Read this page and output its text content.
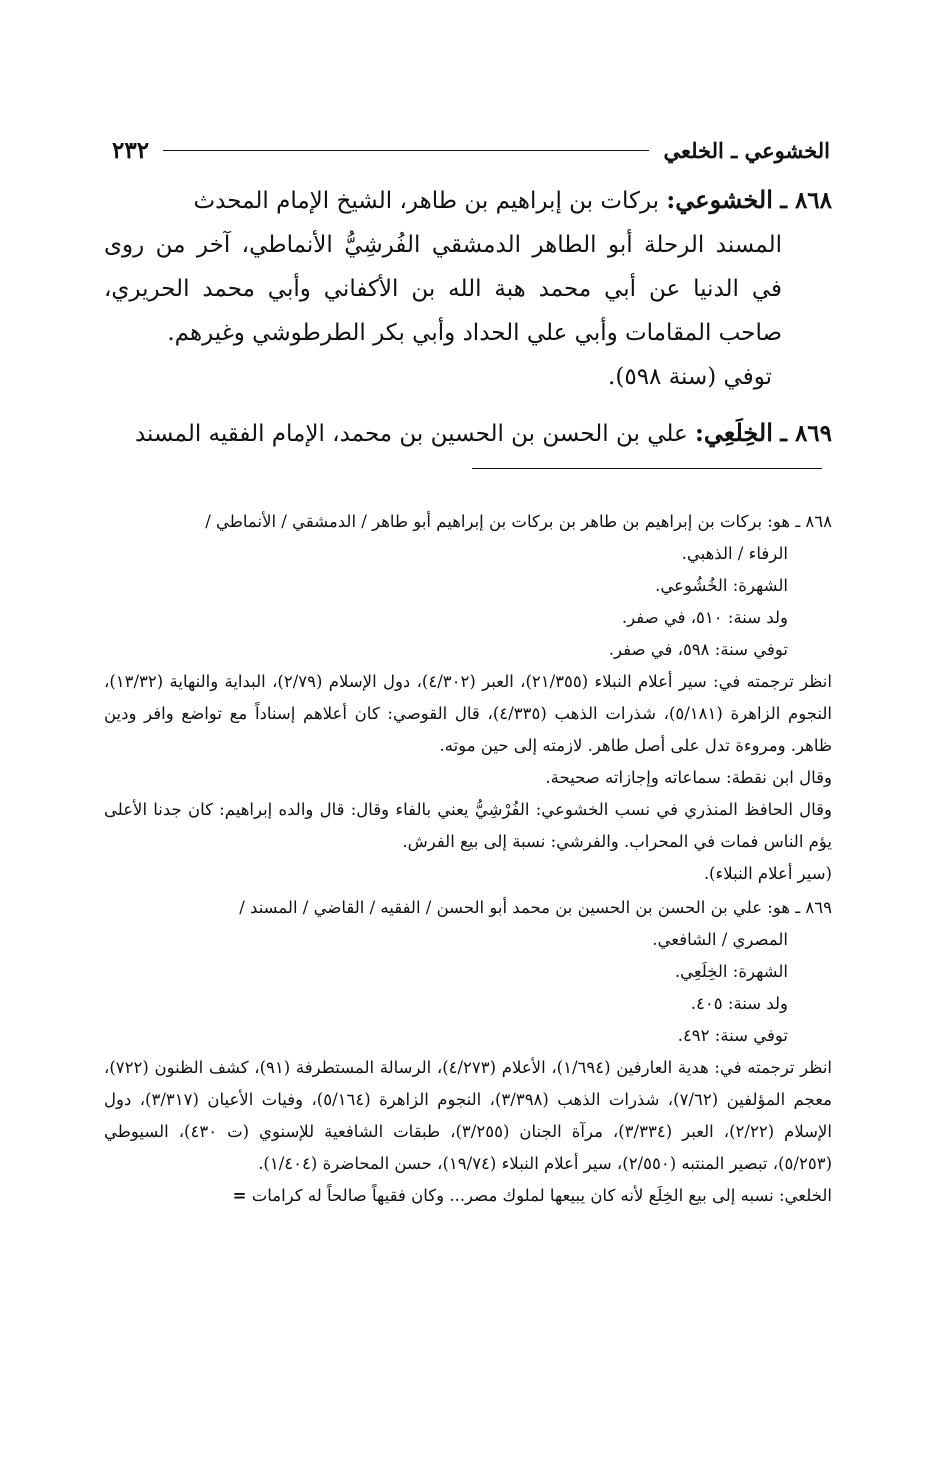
الخشوعي ـ الخلعي
٢٣٢

٨٦٨ ـ الخشوعي: بركات بن إبراهيم بن طاهر، الشيخ الإمام المحدث
المسند الرحلة أبو الطاهر الدمشقي الفُرشِيُّ الأنماطي، آخر من روى في الدنيا عن أبي محمد هبة الله بن الأكفاني وأبي محمد الحريري، صاحب المقامات وأبي علي الحداد وأبي بكر الطرطوشي وغيرهم.
توفي (سنة ٥٩٨).

٨٦٩ ـ الخِلَعِي: علي بن الحسن بن الحسين بن محمد، الإمام الفقيه المسند

٨٦٨ ـ هو: بركات بن إبراهيم بن طاهر بن بركات بن إبراهيم أبو طاهر / الدمشقي / الأنماطي /
الرفاء / الذهبي.
الشهرة: الخُشُوعي.
ولد سنة: ٥١٠، في صفر.
توفي سنة: ٥٩٨، في صفر.
انظر ترجمته في: سير أعلام النبلاء (٢١/٣٥٥)، العبر (٤/٣٠٢)، دول الإسلام (٢/٧٩)، البداية والنهاية (١٣/٣٢)، النجوم الزاهرة (٥/١٨١)، شذرات الذهب (٤/٣٣٥)، قال القوصي: كان أعلاهم إسناداً مع تواضع وافر ودين ظاهر. ومروءة تدل على أصل طاهر. لازمته إلى حين موته.
وقال ابن نقطة: سماعاته وإجازاته صحيحة.
وقال الحافظ المنذري في نسب الخشوعي: الفُرْشِيُّ يعني بالفاء وقال: قال والده إبراهيم: كان جدنا الأعلى يؤم الناس فمات في المحراب. والفرشي: نسبة إلى بيع الفرش.
(سير أعلام النبلاء).
٨٦٩ ـ هو: علي بن الحسن بن الحسين بن محمد أبو الحسن / الفقيه / القاضي / المسند /
المصري / الشافعي.
الشهرة: الخِلَعِي.
ولد سنة: ٤٠٥.
توفي سنة: ٤٩٢.
انظر ترجمته في: هدية العارفين (١/٦٩٤)، الأعلام (٤/٢٧٣)، الرسالة المستطرفة (٩١)، كشف الظنون (٧٢٢)، معجم المؤلفين (٧/٦٢)، شذرات الذهب (٣/٣٩٨)، النجوم الزاهرة (٥/١٦٤)، وفيات الأعيان (٣/٣١٧)، دول الإسلام (٢/٢٢)، العبر (٣/٣٣٤)، مرآة الجنان (٣/٢٥٥)، طبقات الشافعية للإسنوي (ت ٤٣٠)، السيوطي (٥/٢٥٣)، تبصير المنتبه (٢/٥٥٠)، سير أعلام النبلاء (١٩/٧٤)، حسن المحاضرة (١/٤٠٤).
الخلعي: نسبه إلى بيع الخِلَع لأنه كان يبيعها لملوك مصر... وكان فقيهاً صالحاً له كرامات =
